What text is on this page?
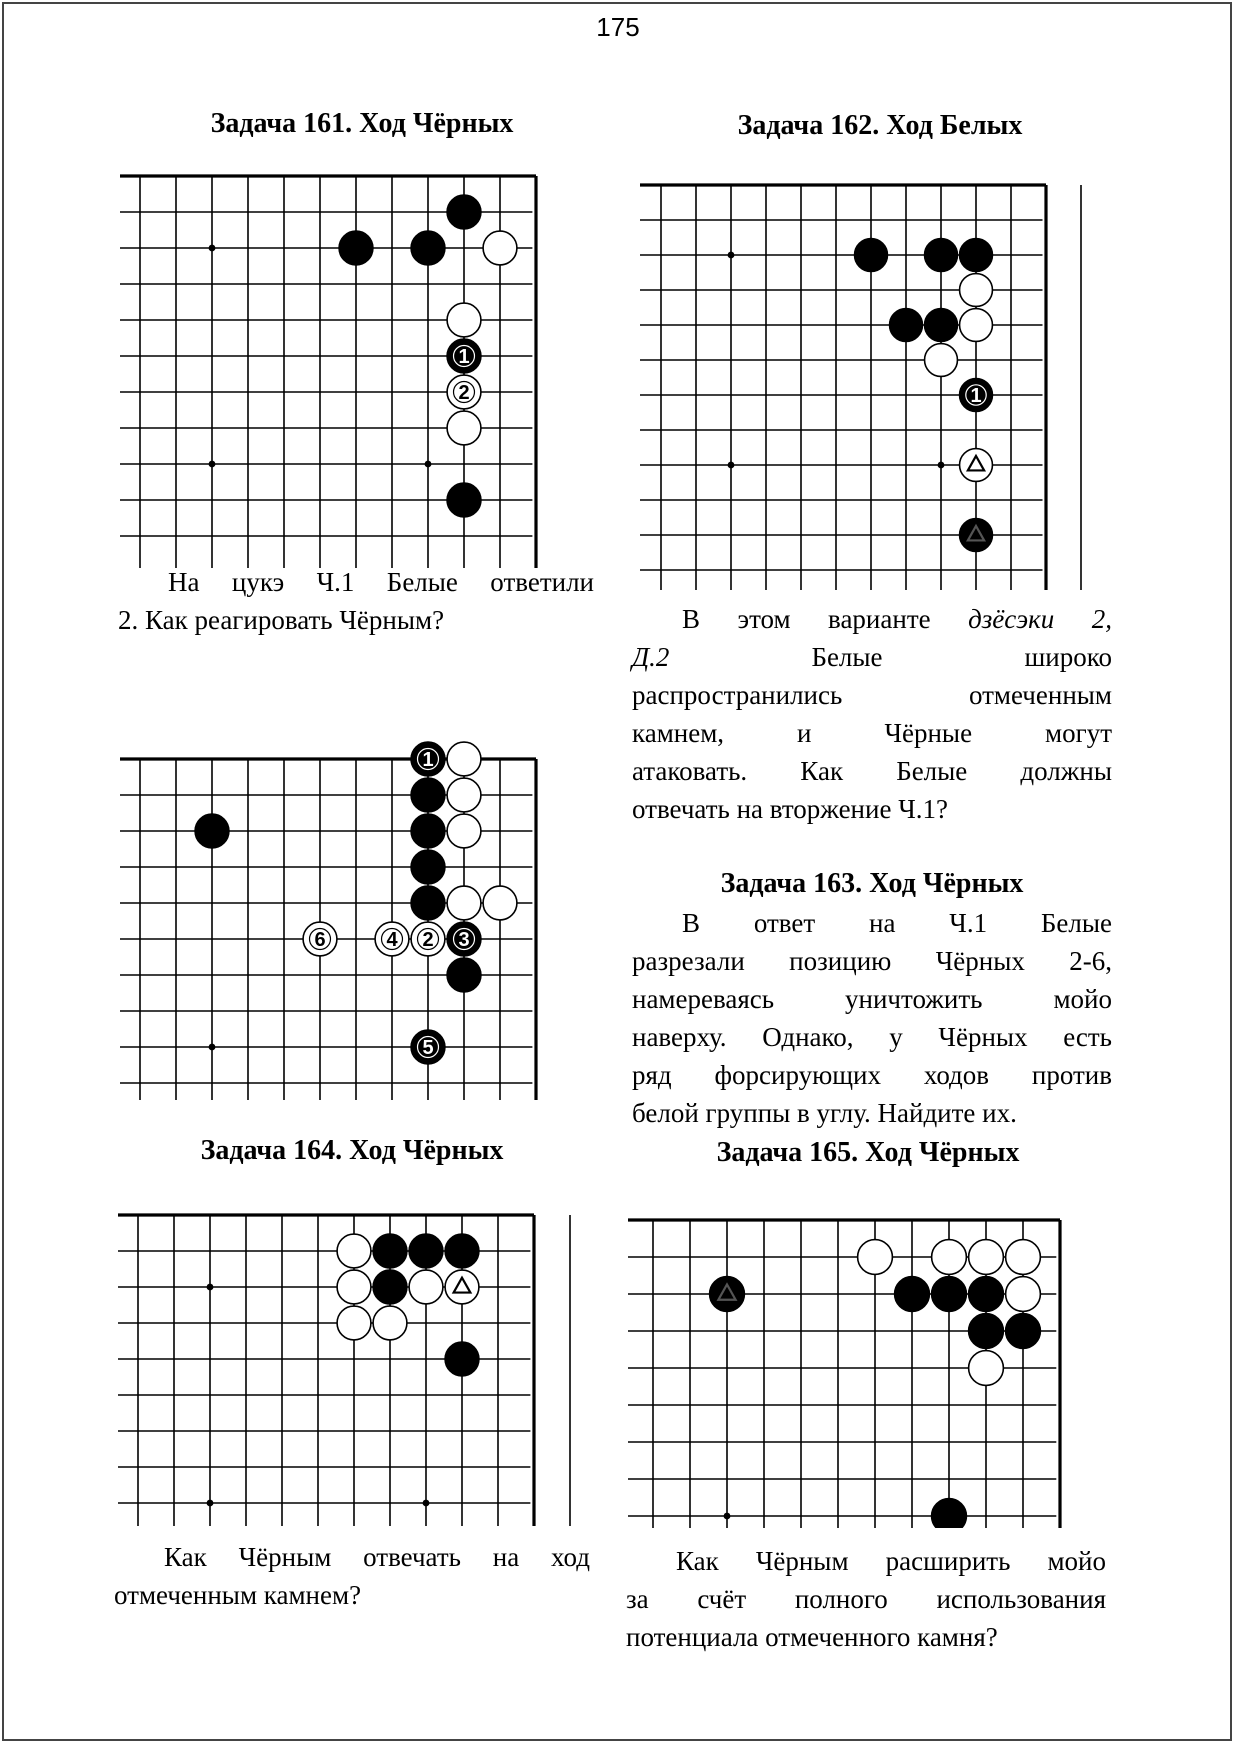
175
Задача 161. Ход Чёрных
1
2

На цукэ Ч.1 Белые ответили

2. Как реагировать Чёрным?

Задача 162. Ход Белых
1

В этом варианте дзёсэки 2,

Д.2	Белые широко

распространились отмеченным

камнем, и Чёрные могут

атаковать. Как Белые должны

отвечать на вторжение Ч.1?

1
6	4 2 3
5
Задача 163. Ход Чёрных

В ответ на Ч.1 Белые

разрезали позицию Чёрных 2-6,

намереваясь уничтожить мойо

наверху. Однако, у Чёрных есть

ряд форсирующих ходов против

белой группы в углу. Найдите их.

Задача 164. Ход Чёрных

Как Чёрным отвечать на ход

отмеченным камнем?

Задача 165. Ход Чёрных

Как Чёрным расширить мойо

за счёт полного использования

потенциала отмеченного камня?
